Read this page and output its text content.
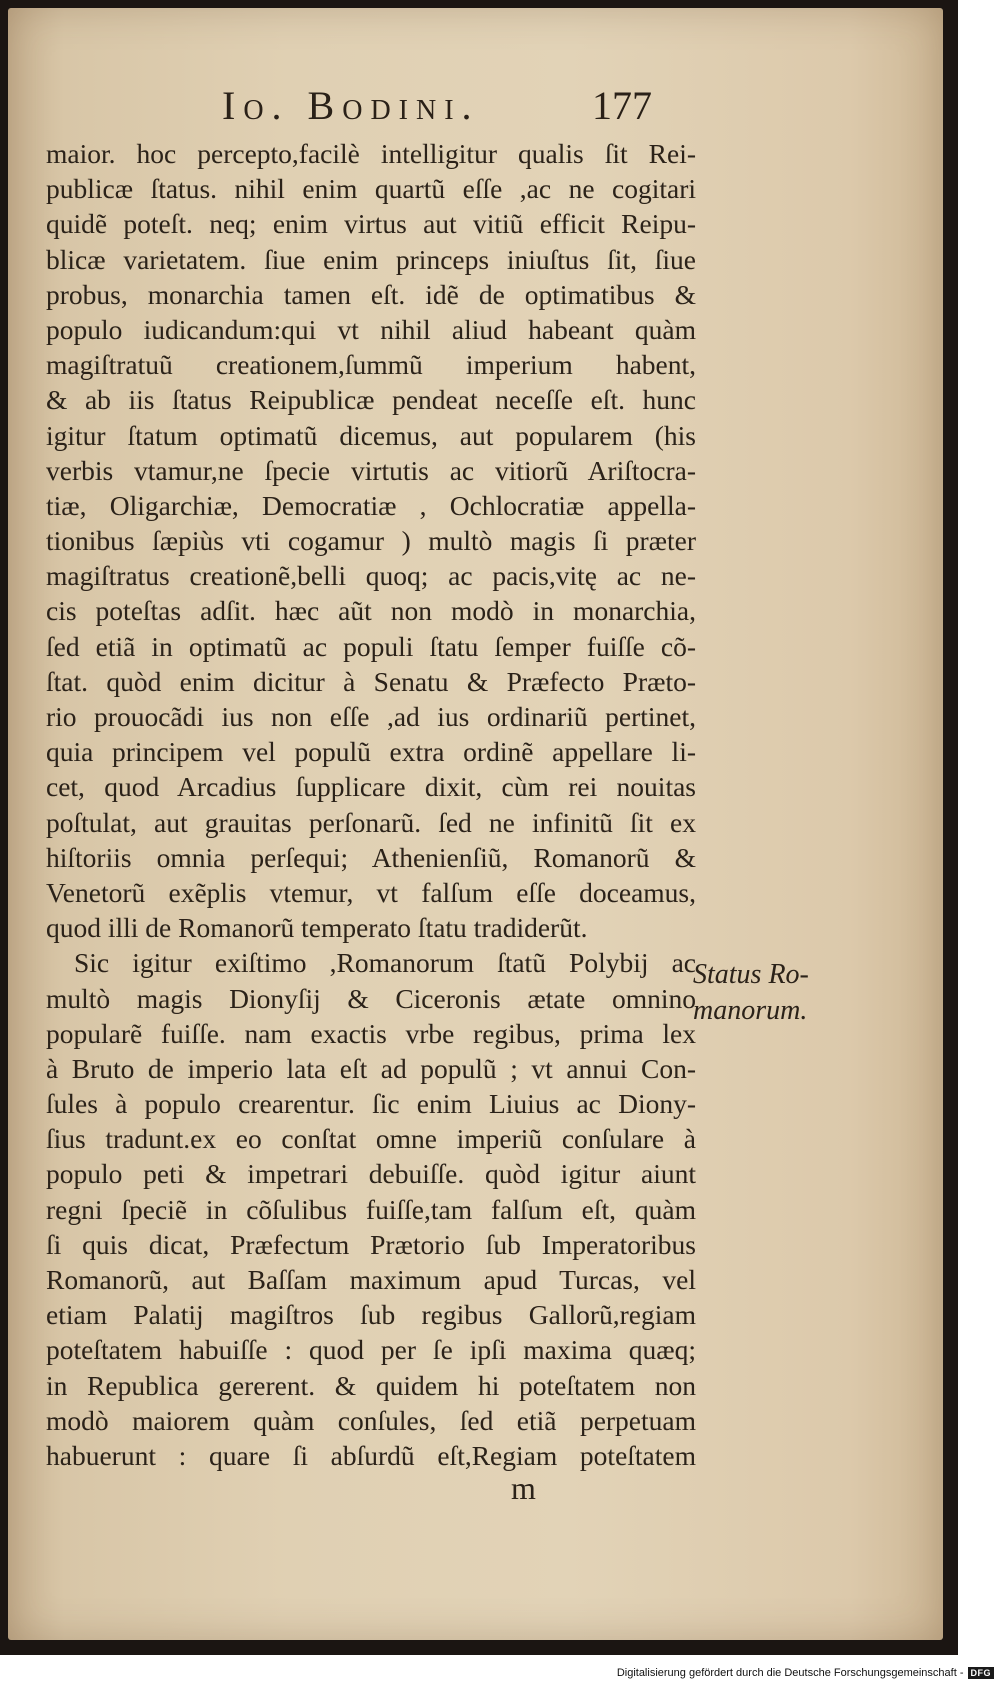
Io. Bodini.	177
maior. hoc percepto,facilè intelligitur qualis ſit Rei-
publicæ ſtatus. nihil enim quartũ eſſe ,ac ne cogitari
quidẽ poteſt. neq; enim virtus aut vitiũ efficit Reipu-
blicæ varietatem. ſiue enim princeps iniuſtus ſit, ſiue
probus, monarchia tamen eſt. idẽ de optimatibus &
populo iudicandum:qui vt nihil aliud habeant quàm
magiſtratuũ creationem,ſummũ imperium habent,
& ab iis ſtatus Reipublicæ pendeat neceſſe eſt. hunc
igitur ſtatum optimatũ dicemus, aut popularem (his
verbis vtamur,ne ſpecie virtutis ac vitiorũ Ariſtocra-
tiæ, Oligarchiæ, Democratiæ , Ochlocratiæ appella-
tionibus ſæpiùs vti cogamur ) multò magis ſi præter
magiſtratus creationẽ,belli quoq; ac pacis,vitę ac ne-
cis poteſtas adſit. hæc aũt non modò in monarchia,
ſed etiã in optimatũ ac populi ſtatu ſemper fuiſſe cõ-
ſtat. quòd enim dicitur à Senatu & Præfecto Præto-
rio prouocãdi ius non eſſe ,ad ius ordinariũ pertinet,
quia principem vel populũ extra ordinẽ appellare li-
cet, quod Arcadius ſupplicare dixit, cùm rei nouitas
poſtulat, aut grauitas perſonarũ. ſed ne infinitũ ſit ex
hiſtoriis omnia perſequi; Athenienſiũ, Romanorũ &
Venetorũ exẽplis vtemur, vt falſum eſſe doceamus,
quod illi de Romanorũ temperato ſtatu tradiderũt.
Sic igitur exiſtimo ,Romanorum ſtatũ Polybij ac
multò magis Dionyſij & Ciceronis ætate omnino
popularẽ fuiſſe. nam exactis vrbe regibus, prima lex
à Bruto de imperio lata eſt ad populũ ; vt annui Con-
ſules à populo crearentur. ſic enim Liuius ac Diony-
ſius tradunt.ex eo conſtat omne imperiũ conſulare à
populo peti & impetrari debuiſſe. quòd igitur aiunt
regni ſpeciẽ in cõſulibus fuiſſe,tam falſum eſt, quàm
ſi quis dicat, Præfectum Prætorio ſub Imperatoribus
Romanorũ, aut Baſſam maximum apud Turcas, vel
etiam Palatij magiſtros ſub regibus Gallorũ,regiam
poteſtatem habuiſſe : quod per ſe ipſi maxima quæq;
in Republica gererent. & quidem hi poteſtatem non
modò maiorem quàm conſules, ſed etiã perpetuam
habuerunt : quare ſi abſurdũ eſt,Regiam poteſtatem
Status Ro-
manorum.
m
Digitalisierung gefördert durch die Deutsche Forschungsgemeinschaft - DFG
